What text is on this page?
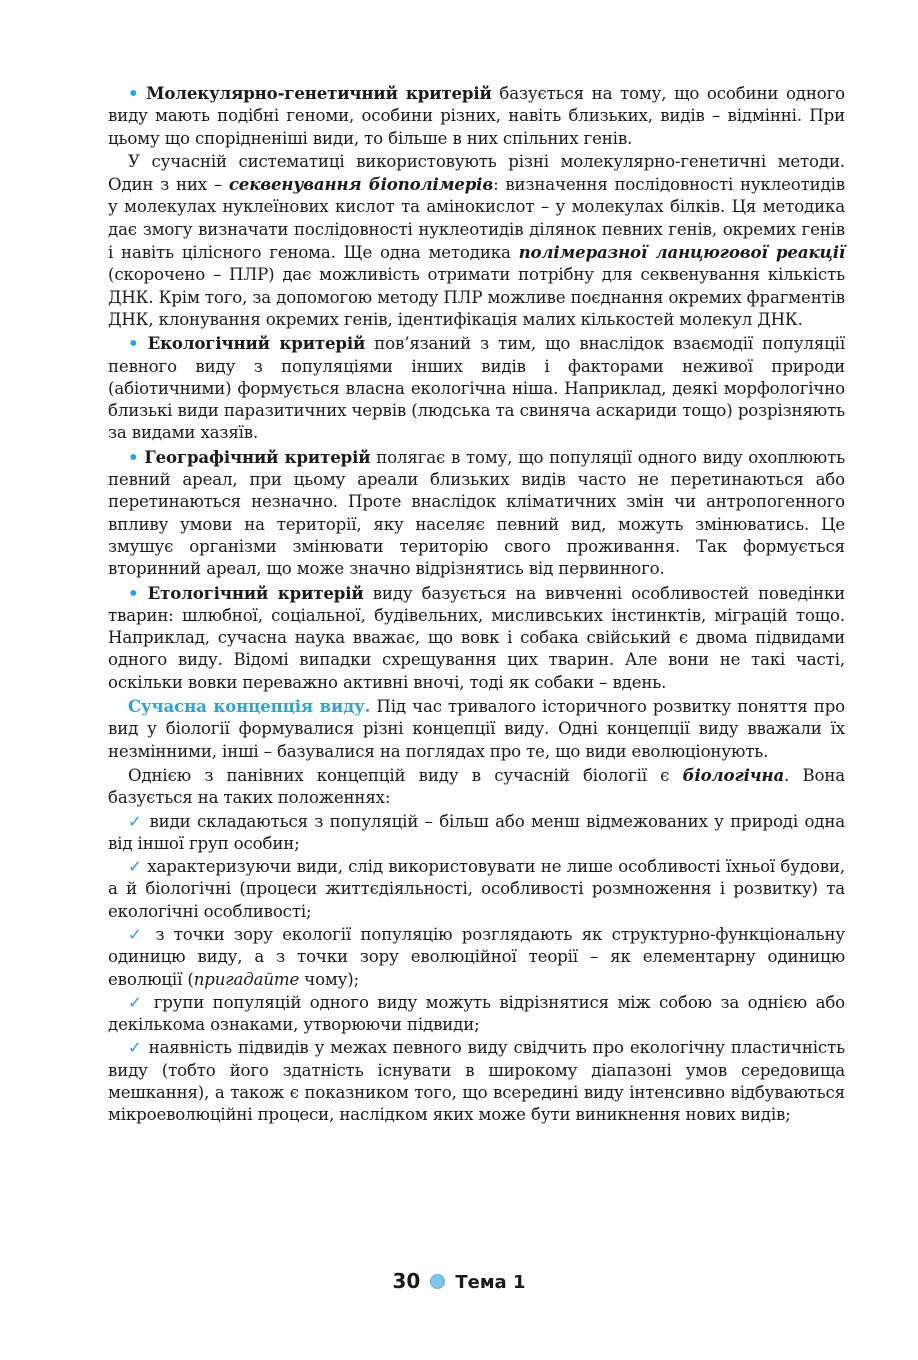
• Молекулярно-генетичний критерій базується на тому, що особини одного виду мають подібні геноми, особини різних, навіть близьких, видів – відмінні. При цьому що спорідненіші види, то більше в них спільних генів.

У сучасній систематиці використовують різні молекулярно-генетичні методи. Один з них – секвенування біополімерів: визначення послідовності нуклеотидів у молекулах нуклеїнових кислот та амінокислот – у молекулах білків. Ця методика дає змогу визначати послідовності нуклеотидів ділянок певних генів, окремих генів і навіть цілісного генома. Ще одна методика полімеразної ланцюгової реакції (скорочено – ПЛР) дає можливість отримати потрібну для секвенування кількість ДНК. Крім того, за допомогою методу ПЛР можливе поєднання окремих фрагментів ДНК, клонування окремих генів, ідентифікація малих кількостей молекул ДНК.

• Екологічний критерій пов’язаний з тим, що внаслідок взаємодії популяції певного виду з популяціями інших видів і факторами неживої природи (абіотичними) формується власна екологічна ніша. Наприклад, деякі морфологічно близькі види паразитичних червів (людська та свиняча аскариди тощо) розрізняють за видами хазяїв.

• Географічний критерій полягає в тому, що популяції одного виду охоплюють певний ареал, при цьому ареали близьких видів часто не перетинаються або перетинаються незначно. Проте внаслідок кліматичних змін чи антропогенного впливу умови на території, яку населяє певний вид, можуть змінюватись. Це змушує організми змінювати територію свого проживання. Так формується вторинний ареал, що може значно відрізнятись від первинного.

• Етологічний критерій виду базується на вивченні особливостей поведінки тварин: шлюбної, соціальної, будівельних, мисливських інстинктів, міграцій тощо. Наприклад, сучасна наука вважає, що вовк і собака свійський є двома підвидами одного виду. Відомі випадки схрещування цих тварин. Але вони не такі часті, оскільки вовки переважно активні вночі, тоді як собаки – вдень.

Сучасна концепція виду. Під час тривалого історичного розвитку поняття про вид у біології формувалися різні концепції виду. Одні концепції виду вважали їх незмінними, інші – базувалися на поглядах про те, що види еволюціонують.

Однією з панівних концепцій виду в сучасній біології є біологічна. Вона базується на таких положеннях:

✓ види складаються з популяцій – більш або менш відмежованих у природі одна від іншої груп особин;

✓ характеризуючи види, слід використовувати не лише особливості їхньої будови, а й біологічні (процеси життєдіяльності, особливості розмноження і розвитку) та екологічні особливості;

✓ з точки зору екології популяцію розглядають як структурно-функціональну одиницю виду, а з точки зору еволюційної теорії – як елементарну одиницю еволюції (пригадайте чому);

✓ групи популяцій одного виду можуть відрізнятися між собою за однією або декількома ознаками, утворюючи підвиди;

✓ наявність підвидів у межах певного виду свідчить про екологічну пластичність виду (тобто його здатність існувати в широкому діапазоні умов середовища мешкання), а також є показником того, що всередині виду інтенсивно відбуваються мікроеволюційні процеси, наслідком яких може бути виникнення нових видів;

30 Тема 1
